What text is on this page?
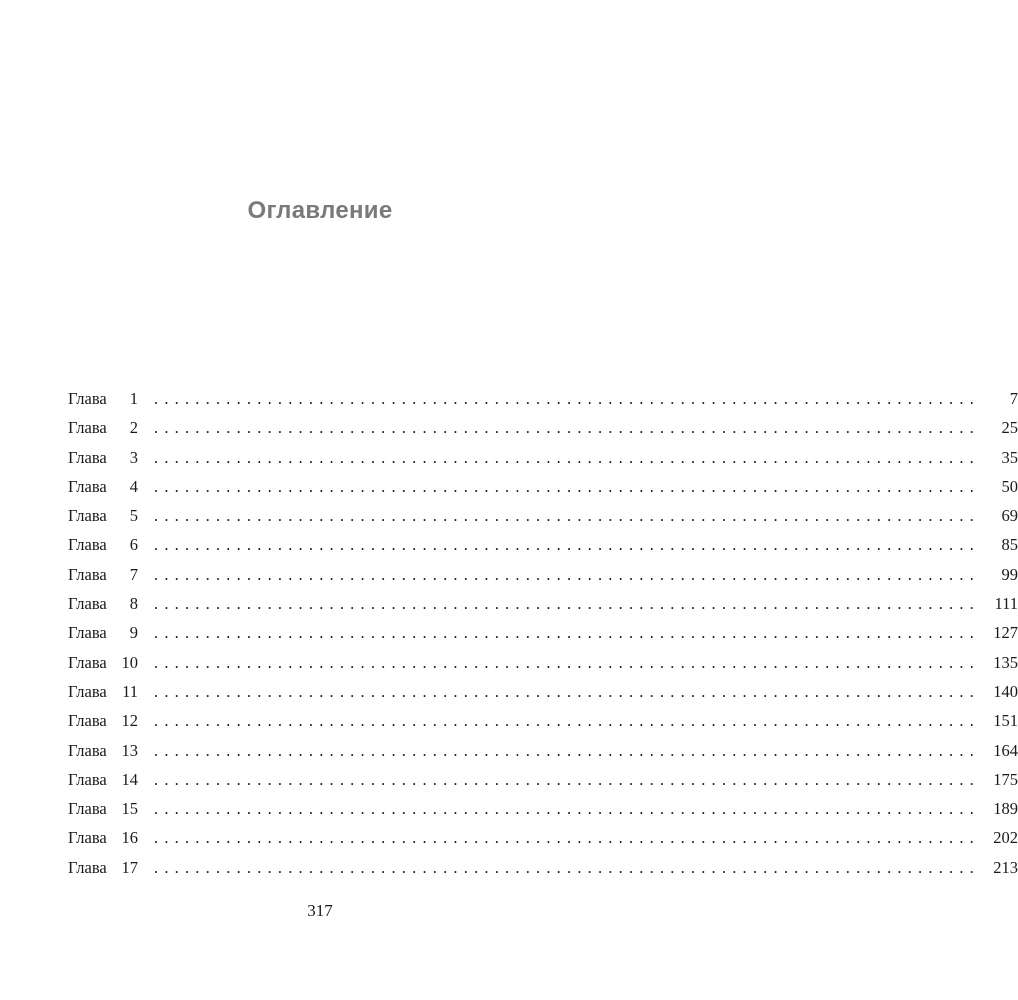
Оглавление
Глава	1 ................................................................................	7
Глава	2 ................................................................................	25
Глава	3 ................................................................................	35
Глава	4 ................................................................................	50
Глава	5 ................................................................................	69
Глава	6 ................................................................................	85
Глава	7 ................................................................................	99
Глава	8 ................................................................................ 111
Глава	9 ................................................................................ 127
Глава 10 ................................................................................ 135
Глава 11 ................................................................................ 140
Глава 12 ................................................................................ 151
Глава 13 ................................................................................ 164
Глава 14 ................................................................................ 175
Глава 15 ................................................................................ 189
Глава 16 ................................................................................ 202
Глава 17 ................................................................................ 213
317
